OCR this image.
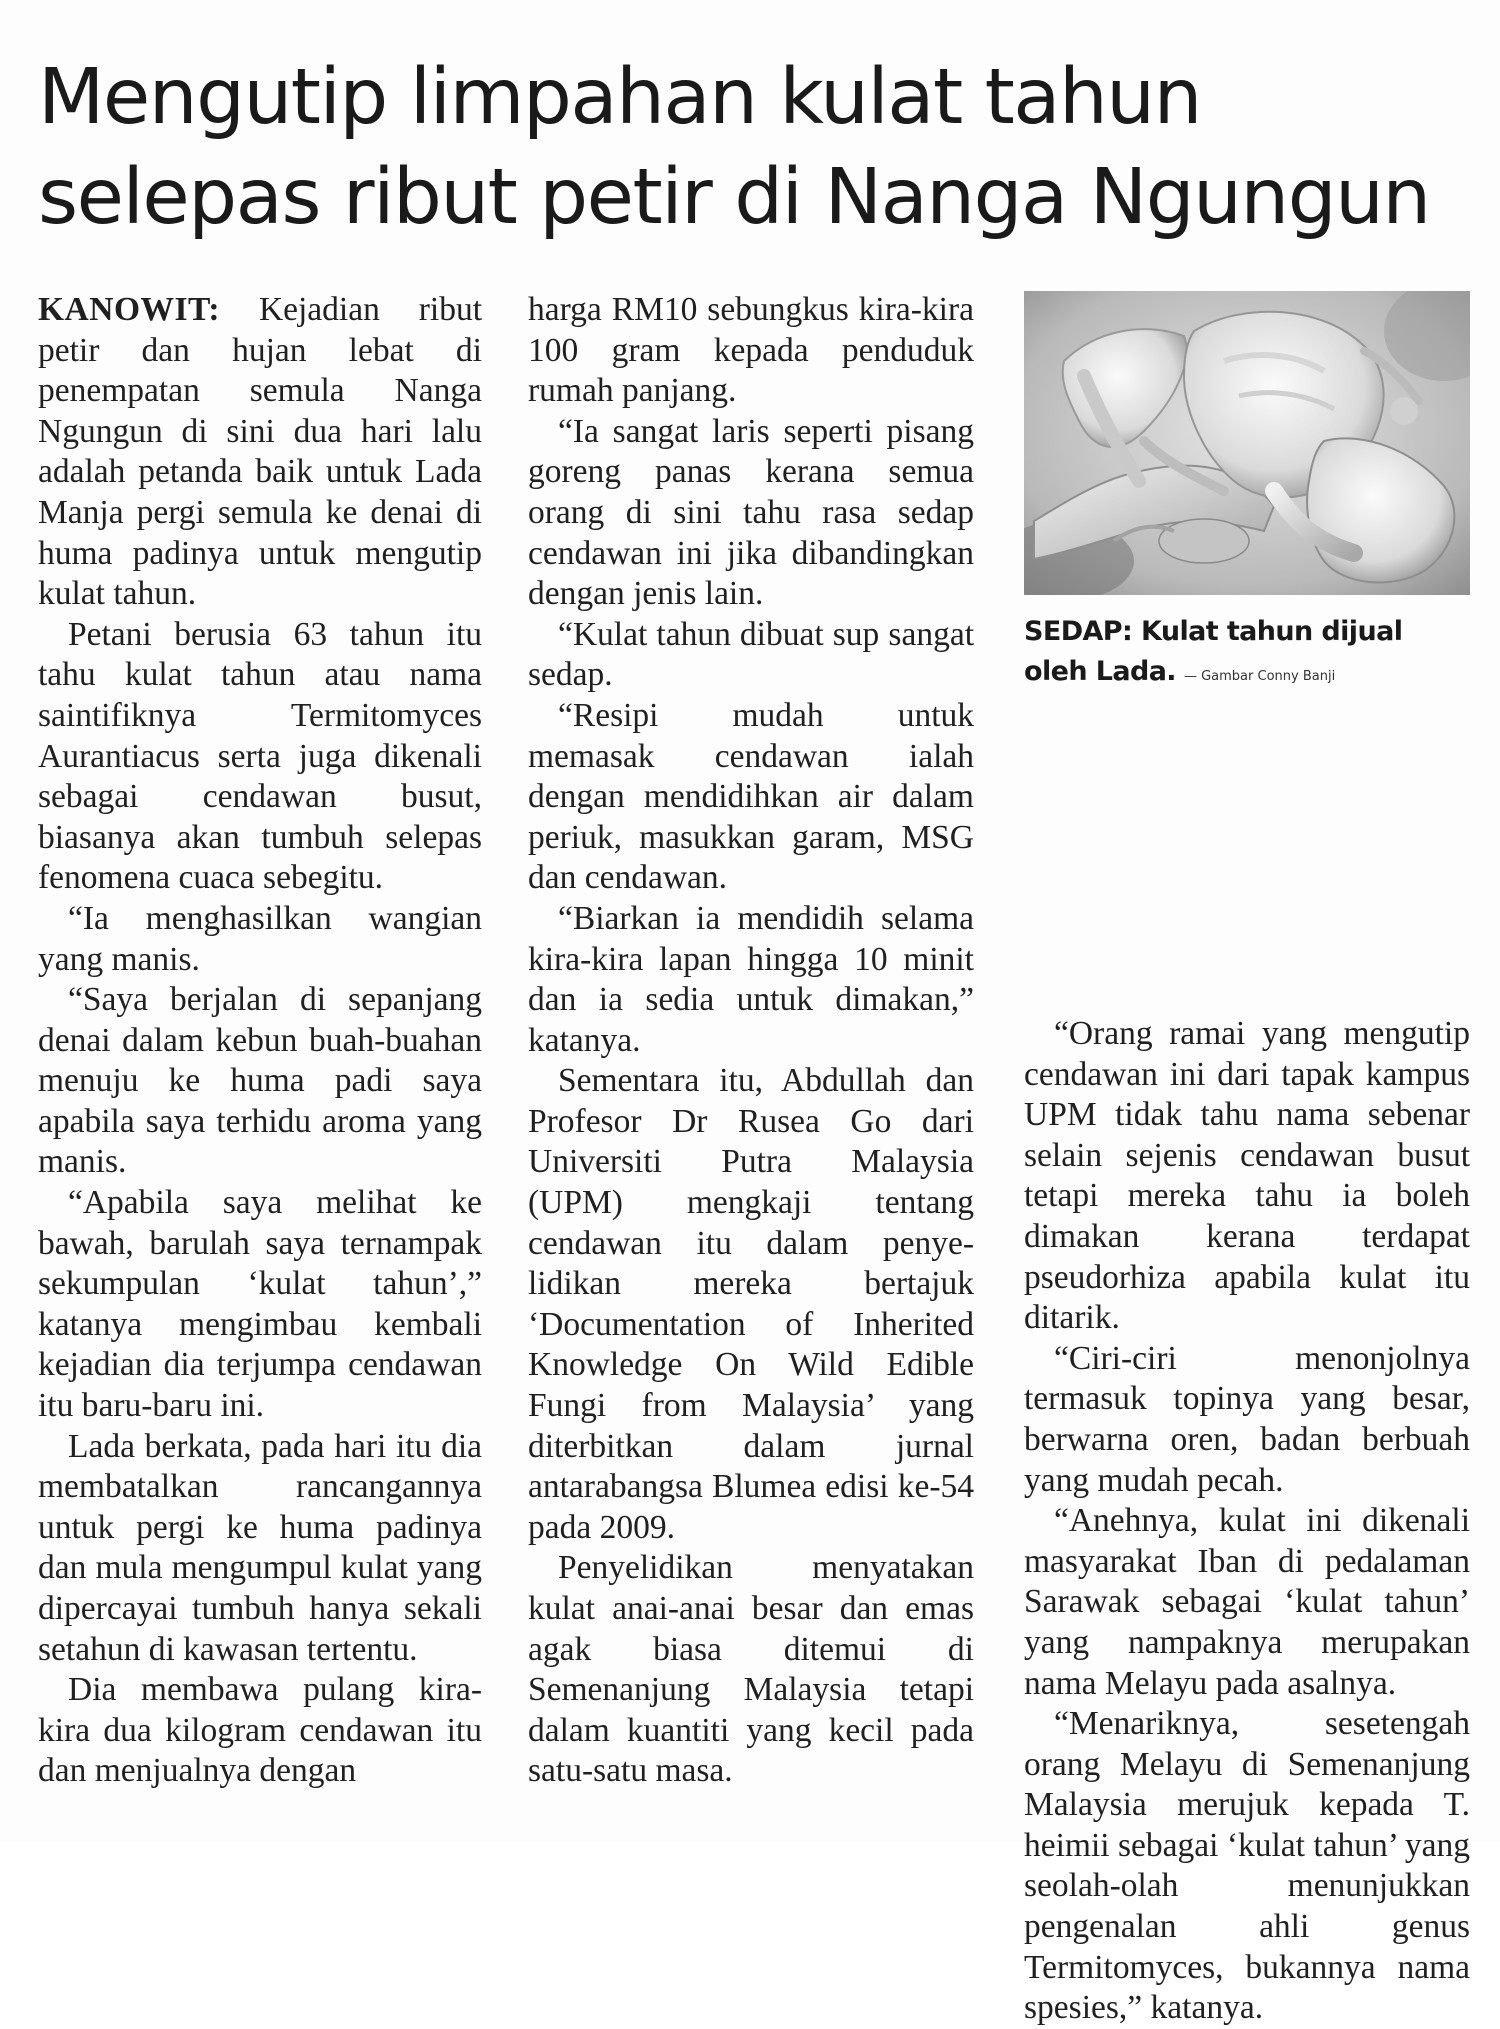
Mengutip limpahan kulat tahun
selepas ribut petir di Nanga Ngungun

KANOWIT: Kejadian ribut petir dan hujan lebat di penempatan semula Nanga Ngungun di sini dua hari lalu adalah petanda baik untuk Lada Manja pergi semula ke denai di huma padinya untuk mengutip kulat tahun.

Petani berusia 63 tahun itu tahu kulat tahun atau nama saintifiknya Termitomyces Aurantiacus serta juga dikenali sebagai cendawan busut, biasanya akan tumbuh selepas fenomena cuaca sebegitu.

“Ia menghasilkan wangian yang manis.

“Saya berjalan di sepanjang denai dalam kebun buah-buahan menuju ke huma padi saya apabila saya terhidu aroma yang manis.

“Apabila saya melihat ke bawah, barulah saya ternampak sekumpulan ‘kulat tahun’,” katanya mengimbau kembali kejadian dia terjumpa cendawan itu baru-baru ini.

Lada berkata, pada hari itu dia membatalkan rancangannya untuk pergi ke huma padinya dan mula mengumpul kulat yang dipercayai tumbuh hanya sekali setahun di kawasan tertentu.

Dia membawa pulang kira-kira dua kilogram cendawan itu dan menjualnya dengan

harga RM10 sebungkus kira-kira 100 gram kepada penduduk rumah panjang.

“Ia sangat laris seperti pisang goreng panas kerana semua orang di sini tahu rasa sedap cendawan ini jika dibandingkan dengan jenis lain.

“Kulat tahun dibuat sup sangat sedap.

“Resipi mudah untuk memasak cendawan ialah dengan mendidihkan air dalam periuk, masukkan garam, MSG dan cendawan.

“Biarkan ia mendidih selama kira-kira lapan hingga 10 minit dan ia sedia untuk dimakan,” katanya.

Sementara itu, Abdullah dan Profesor Dr Rusea Go dari Universiti Putra Malaysia (UPM) mengkaji tentang cendawan itu dalam penyelidikan mereka bertajuk ‘Documentation of Inherited Knowledge On Wild Edible Fungi from Malaysia’ yang diterbitkan dalam jurnal antarabangsa Blumea edisi ke-54 pada 2009.

Penyelidikan menyatakan kulat anai-anai besar dan emas agak biasa ditemui di Semenanjung Malaysia tetapi dalam kuantiti yang kecil pada satu-satu masa.

SEDAP: Kulat tahun dijual oleh Lada. — Gambar Conny Banji

“Orang ramai yang mengutip cendawan ini dari tapak kampus UPM tidak tahu nama sebenar selain sejenis cendawan busut tetapi mereka tahu ia boleh dimakan kerana terdapat pseudorhiza apabila kulat itu ditarik.

“Ciri-ciri menonjolnya termasuk topinya yang besar, berwarna oren, badan berbuah yang mudah pecah.

“Anehnya, kulat ini dikenali masyarakat Iban di pedalaman Sarawak sebagai ‘kulat tahun’ yang nampaknya merupakan nama Melayu pada asalnya.

“Menariknya, sesetengah orang Melayu di Semenanjung Malaysia merujuk kepada T. heimii sebagai ‘kulat tahun’ yang seolah-olah menunjukkan pengenalan ahli genus Termitomyces, bukannya nama spesies,” katanya.
